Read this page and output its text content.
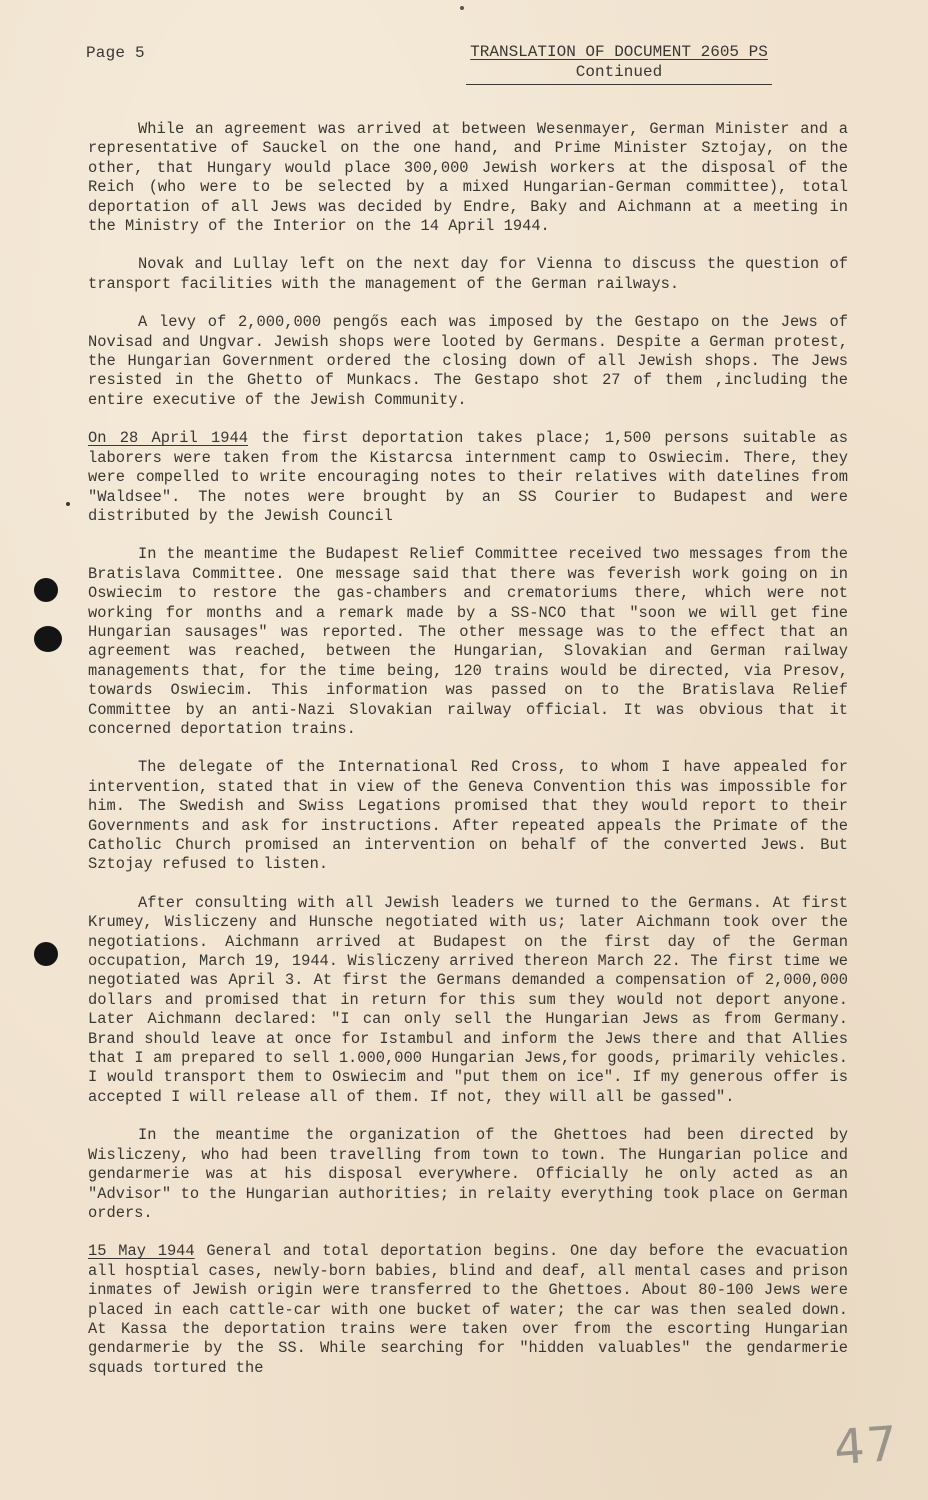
Page 5	TRANSLATION OF DOCUMENT 2605 PS
Continued

While an agreement was arrived at between Wesenmayer, German Minister and a representative of Sauckel on the one hand, and Prime Minister Sztojay, on the other, that Hungary would place 300,000 Jewish workers at the disposal of the Reich (who were to be selected by a mixed Hungarian-German committee), total deportation of all Jews was decided by Endre, Baky and Aichmann at a meeting in the Ministry of the Interior on the 14 April 1944.

Novak and Lullay left on the next day for Vienna to discuss the question of transport facilities with the management of the German railways.

A levy of 2,000,000 pengős each was imposed by the Gestapo on the Jews of Novisad and Ungvar. Jewish shops were looted by Germans. Despite a German protest, the Hungarian Government ordered the closing down of all Jewish shops. The Jews resisted in the Ghetto of Munkacs. The Gestapo shot 27 of them ,including the entire executive of the Jewish Community.

On 28 April 1944 the first deportation takes place; 1,500 persons suitable as laborers were taken from the Kistarcsa internment camp to Oswiecim. There, they were compelled to write encouraging notes to their relatives with datelines from "Waldsee". The notes were brought by an SS Courier to Budapest and were distributed by the Jewish Council

In the meantime the Budapest Relief Committee received two messages from the Bratislava Committee. One message said that there was feverish work going on in Oswiecim to restore the gas-chambers and crematoriums there, which were not working for months and a remark made by a SS-NCO that "soon we will get fine Hungarian sausages" was reported. The other message was to the effect that an agreement was reached, between the Hungarian, Slovakian and German railway managements that, for the time being, 120 trains would be directed, via Presov, towards Oswiecim. This information was passed on to the Bratislava Relief Committee by an anti-Nazi Slovakian railway official. It was obvious that it concerned deportation trains.

The delegate of the International Red Cross, to whom I have appealed for intervention, stated that in view of the Geneva Convention this was impossible for him. The Swedish and Swiss Legations promised that they would report to their Governments and ask for instructions. After repeated appeals the Primate of the Catholic Church promised an intervention on behalf of the converted Jews. But Sztojay refused to listen.

After consulting with all Jewish leaders we turned to the Germans. At first Krumey, Wisliczeny and Hunsche negotiated with us; later Aichmann took over the negotiations. Aichmann arrived at Budapest on the first day of the German occupation, March 19, 1944. Wisliczeny arrived thereon March 22. The first time we negotiated was April 3. At first the Germans demanded a compensation of 2,000,000 dollars and promised that in return for this sum they would not deport anyone. Later Aichmann declared: "I can only sell the Hungarian Jews as from Germany. Brand should leave at once for Istambul and inform the Jews there and that Allies that I am prepared to sell 1.000,000 Hungarian Jews,for goods, primarily vehicles. I would transport them to Oswiecim and "put them on ice". If my generous offer is accepted I will release all of them. If not, they will all be gassed".

In the meantime the organization of the Ghettoes had been directed by Wisliczeny, who had been travelling from town to town. The Hungarian police and gendarmerie was at his disposal everywhere. Officially he only acted as an "Advisor" to the Hungarian authorities; in relaity everything took place on German orders.

15 May 1944 General and total deportation begins. One day before the evacuation all hosptial cases, newly-born babies, blind and deaf, all mental cases and prison inmates of Jewish origin were transferred to the Ghettoes. About 80-100 Jews were placed in each cattle-car with one bucket of water; the car was then sealed down. At Kassa the deportation trains were taken over from the escorting Hungarian gendarmerie by the SS. While searching for "hidden valuables" the gendarmerie squads tortured the

47
